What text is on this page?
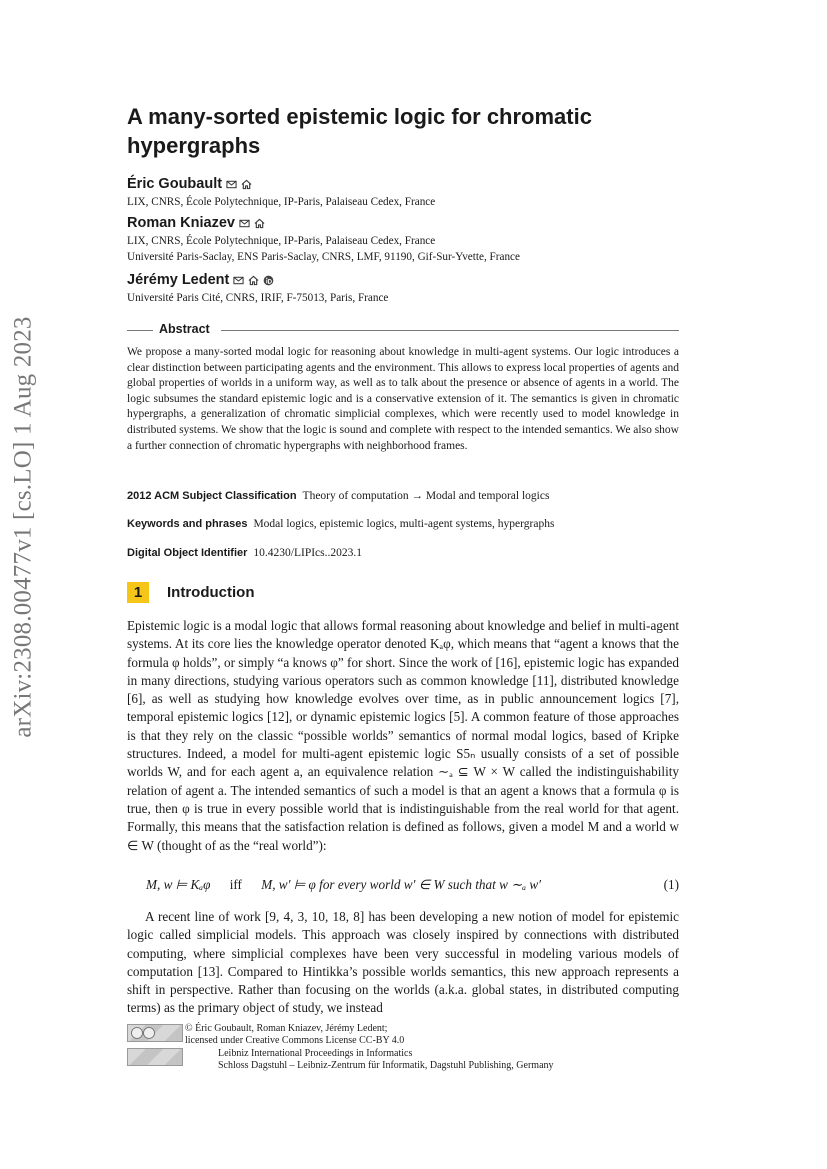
arXiv:2308.00477v1 [cs.LO] 1 Aug 2023
A many-sorted epistemic logic for chromatic hypergraphs
Éric Goubault
LIX, CNRS, École Polytechnique, IP-Paris, Palaiseau Cedex, France
Roman Kniazev
LIX, CNRS, École Polytechnique, IP-Paris, Palaiseau Cedex, France
Université Paris-Saclay, ENS Paris-Saclay, CNRS, LMF, 91190, Gif-Sur-Yvette, France
Jérémy Ledent
Université Paris Cité, CNRS, IRIF, F-75013, Paris, France
Abstract

We propose a many-sorted modal logic for reasoning about knowledge in multi-agent systems. Our logic introduces a clear distinction between participating agents and the environment. This allows to express local properties of agents and global properties of worlds in a uniform way, as well as to talk about the presence or absence of agents in a world. The logic subsumes the standard epistemic logic and is a conservative extension of it. The semantics is given in chromatic hypergraphs, a generalization of chromatic simplicial complexes, which were recently used to model knowledge in distributed systems. We show that the logic is sound and complete with respect to the intended semantics. We also show a further connection of chromatic hypergraphs with neighborhood frames.

2012 ACM Subject Classification Theory of computation → Modal and temporal logics
Keywords and phrases Modal logics, epistemic logics, multi-agent systems, hypergraphs
Digital Object Identifier 10.4230/LIPIcs..2023.1
1	Introduction

Epistemic logic is a modal logic that allows formal reasoning about knowledge and belief in multi-agent systems. At its core lies the knowledge operator denoted Kₐφ, which means that “agent a knows that the formula φ holds”, or simply “a knows φ” for short. Since the work of [16], epistemic logic has expanded in many directions, studying various operators such as common knowledge [11], distributed knowledge [6], as well as studying how knowledge evolves over time, as in public announcement logics [7], temporal epistemic logics [12], or dynamic epistemic logics [5]. A common feature of those approaches is that they rely on the classic “possible worlds” semantics of normal modal logics, based of Kripke structures. Indeed, a model for multi-agent epistemic logic S5ₙ usually consists of a set of possible worlds W, and for each agent a, an equivalence relation ∼ₐ ⊆ W × W called the indistinguishability relation of agent a. The intended semantics of such a model is that an agent a knows that a formula φ is true, then φ is true in every possible world that is indistinguishable from the real world for that agent. Formally, this means that the satisfaction relation is defined as follows, given a model M and a world w ∈ W (thought of as the “real world”):

M, w ⊨ Kₐφ iff M, w′ ⊨ φ for every world w′ ∈ W such that w ∼ₐ w′	(1)

A recent line of work [9, 4, 3, 10, 18, 8] has been developing a new notion of model for epistemic logic called simplicial models. This approach was closely inspired by connections with distributed computing, where simplicial complexes have been very successful in modeling various models of computation [13]. Compared to Hintikka’s possible worlds semantics, this new approach represents a shift in perspective. Rather than focusing on the worlds (a.k.a. global states, in distributed computing terms) as the primary object of study, we instead

© Éric Goubault, Roman Kniazev, Jérémy Ledent;
licensed under Creative Commons License CC-BY 4.0
Leibniz International Proceedings in Informatics
Schloss Dagstuhl – Leibniz-Zentrum für Informatik, Dagstuhl Publishing, Germany
